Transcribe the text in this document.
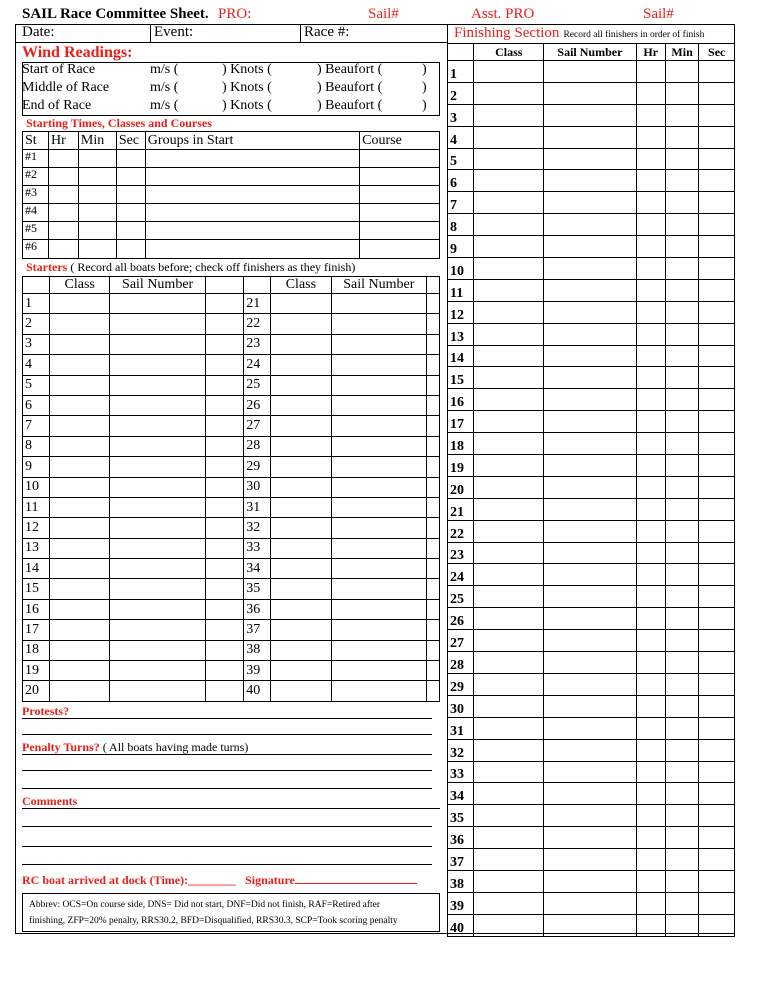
SAIL Race Committee Sheet. PRO:	Sail#	Asst. PRO	Sail#
Date:	Event:	Race #:
Wind Readings:
Start of Race	m/s (	) Knots (	) Beaufort (	)
Middle of Race	m/s (	) Knots (	) Beaufort (	)
End of Race	m/s (	) Knots (	) Beaufort (	)
Starting Times, Classes and Courses
St	Hr	Min	Sec	Groups in Start	Course
#1					
#2					
#3					
#4					
#5					
#6					
Starters ( Record all boats before; check off finishers as they finish)
	Class	Sail Number			Class	Sail Number	
1				21			
2				22			
3				23			
4				24			
5				25			
6				26			
7				27			
8				28			
9				29			
10				30			
11				31			
12				32			
13				33			
14				34			
15				35			
16				36			
17				37			
18				38			
19				39			
20				40			
Protests?
Penalty Turns? ( All boats having made turns)
Comments
RC boat arrived at dock (Time):________ Signature
Abbrev: OCS=On course side, DNS= Did not start, DNF=Did not finish, RAF=Retired after
finishing, ZFP=20% penalty, RRS30.2, BFD=Disqualified, RRS30.3, SCP=Took scoring penalty
Finishing Section Record all finishers in order of finish
	Class	Sail Number	Hr	Min	Sec
1					
2					
3					
4					
5					
6					
7					
8					
9					
10					
11					
12					
13					
14					
15					
16					
17					
18					
19					
20					
21					
22					
23					
24					
25					
26					
27					
28					
29					
30					
31					
32					
33					
34					
35					
36					
37					
38					
39					
40					
